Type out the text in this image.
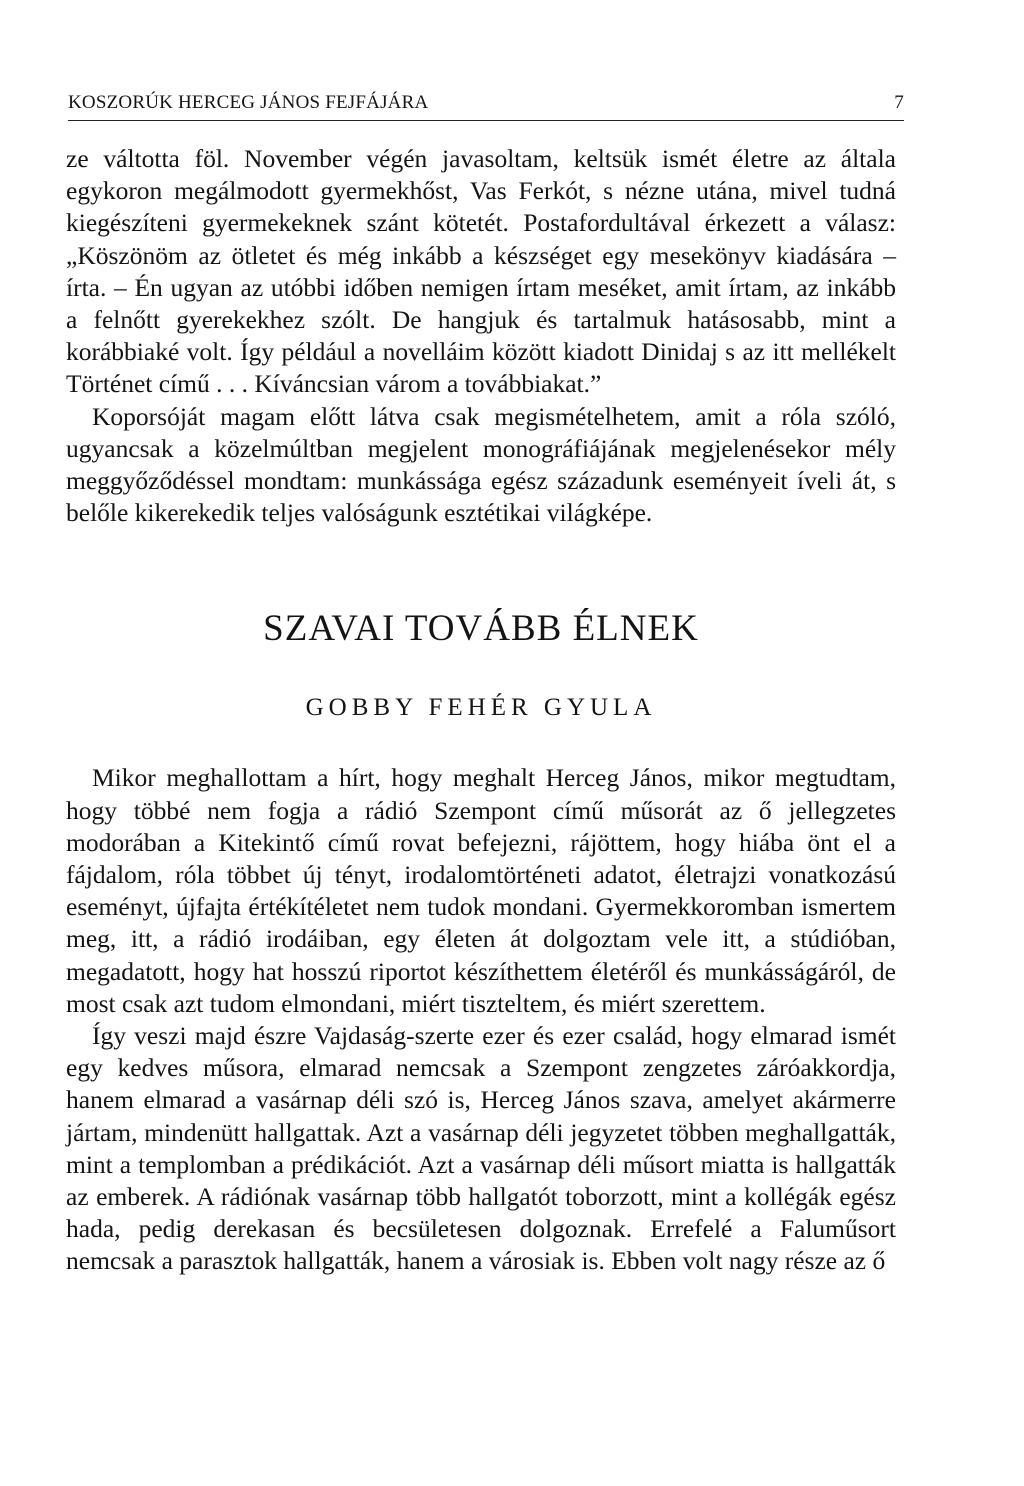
KOSZORÚK HERCEG JÁNOS FEJFÁJÁRA	7

ze váltotta föl. November végén javasoltam, keltsük ismét életre az általa egykoron megálmodott gyermekhőst, Vas Ferkót, s nézne utána, mivel tudná kiegészíteni gyermekeknek szánt kötetét. Postafordultával érkezett a válasz: „Köszönöm az ötletet és még inkább a készséget egy mesekönyv kiadására – írta. – Én ugyan az utóbbi időben nemigen írtam meséket, amit írtam, az inkább a felnőtt gyerekekhez szólt. De hangjuk és tartalmuk hatásosabb, mint a korábbiaké volt. Így például a novelláim között kiadott Dinidaj s az itt mellékelt Történet című . . . Kíváncsian várom a továbbiakat.”

Koporsóját magam előtt látva csak megismételhetem, amit a róla szóló, ugyancsak a közelmúltban megjelent monográfiájának megjelenésekor mély meggyőződéssel mondtam: munkássága egész századunk eseményeit íveli át, s belőle kikerekedik teljes valóságunk esztétikai világképe.

SZAVAI TOVÁBB ÉLNEK
GOBBY FEHÉR GYULA

Mikor meghallottam a hírt, hogy meghalt Herceg János, mikor megtudtam, hogy többé nem fogja a rádió Szempont című műsorát az ő jellegzetes modorában a Kitekintő című rovat befejezni, rájöttem, hogy hiába önt el a fájdalom, róla többet új tényt, irodalomtörténeti adatot, életrajzi vonatkozású eseményt, újfajta értékítéletet nem tudok mondani. Gyermekkoromban ismertem meg, itt, a rádió irodáiban, egy életen át dolgoztam vele itt, a stúdióban, megadatott, hogy hat hosszú riportot készíthettem életéről és munkásságáról, de most csak azt tudom elmondani, miért tiszteltem, és miért szerettem.

Így veszi majd észre Vajdaság-szerte ezer és ezer család, hogy elmarad ismét egy kedves műsora, elmarad nemcsak a Szempont zengzetes záróakkordja, hanem elmarad a vasárnap déli szó is, Herceg János szava, amelyet akármerre jártam, mindenütt hallgattak. Azt a vasárnap déli jegyzetet többen meghallgatták, mint a templomban a prédikációt. Azt a vasárnap déli műsort miatta is hallgatták az emberek. A rádiónak vasárnap több hallgatót toborzott, mint a kollégák egész hada, pedig derekasan és becsületesen dolgoznak. Errefelé a Faluműsort nemcsak a parasztok hallgatták, hanem a városiak is. Ebben volt nagy része az ő
